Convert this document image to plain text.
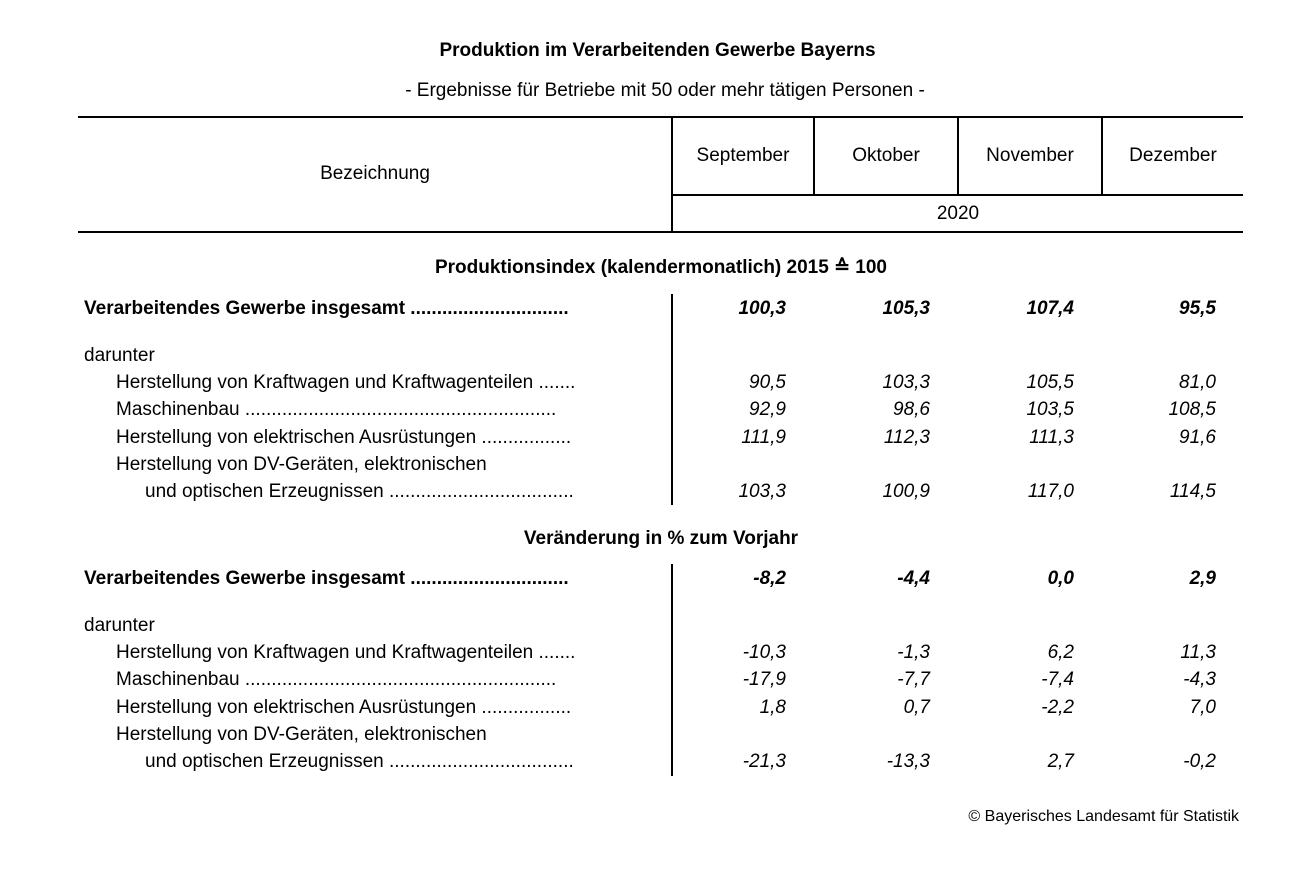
Produktion im Verarbeitenden Gewerbe Bayerns
- Ergebnisse für Betriebe mit 50 oder mehr tätigen Personen -
Bezeichnung
September	Oktober	November	Dezember
2020
Produktionsindex (kalendermonatlich) 2015 ≙ 100
Verarbeitendes Gewerbe insgesamt ..............................	100,3	105,3	107,4	95,5
darunter
Herstellung von Kraftwagen und Kraftwagenteilen .......	90,5	103,3	105,5	81,0
Maschinenbau ...........................................................	92,9	98,6	103,5	108,5
Herstellung von elektrischen Ausrüstungen .................	111,9	112,3	111,3	91,6
Herstellung von DV-Geräten, elektronischen
und optischen Erzeugnissen ...................................	103,3	100,9	117,0	114,5
Veränderung in % zum Vorjahr
Verarbeitendes Gewerbe insgesamt ..............................	-8,2	-4,4	0,0	2,9
darunter
Herstellung von Kraftwagen und Kraftwagenteilen .......	-10,3	-1,3	6,2	11,3
Maschinenbau ...........................................................	-17,9	-7,7	-7,4	-4,3
Herstellung von elektrischen Ausrüstungen .................	1,8	0,7	-2,2	7,0
Herstellung von DV-Geräten, elektronischen
und optischen Erzeugnissen ...................................	-21,3	-13,3	2,7	-0,2
© Bayerisches Landesamt für Statistik
